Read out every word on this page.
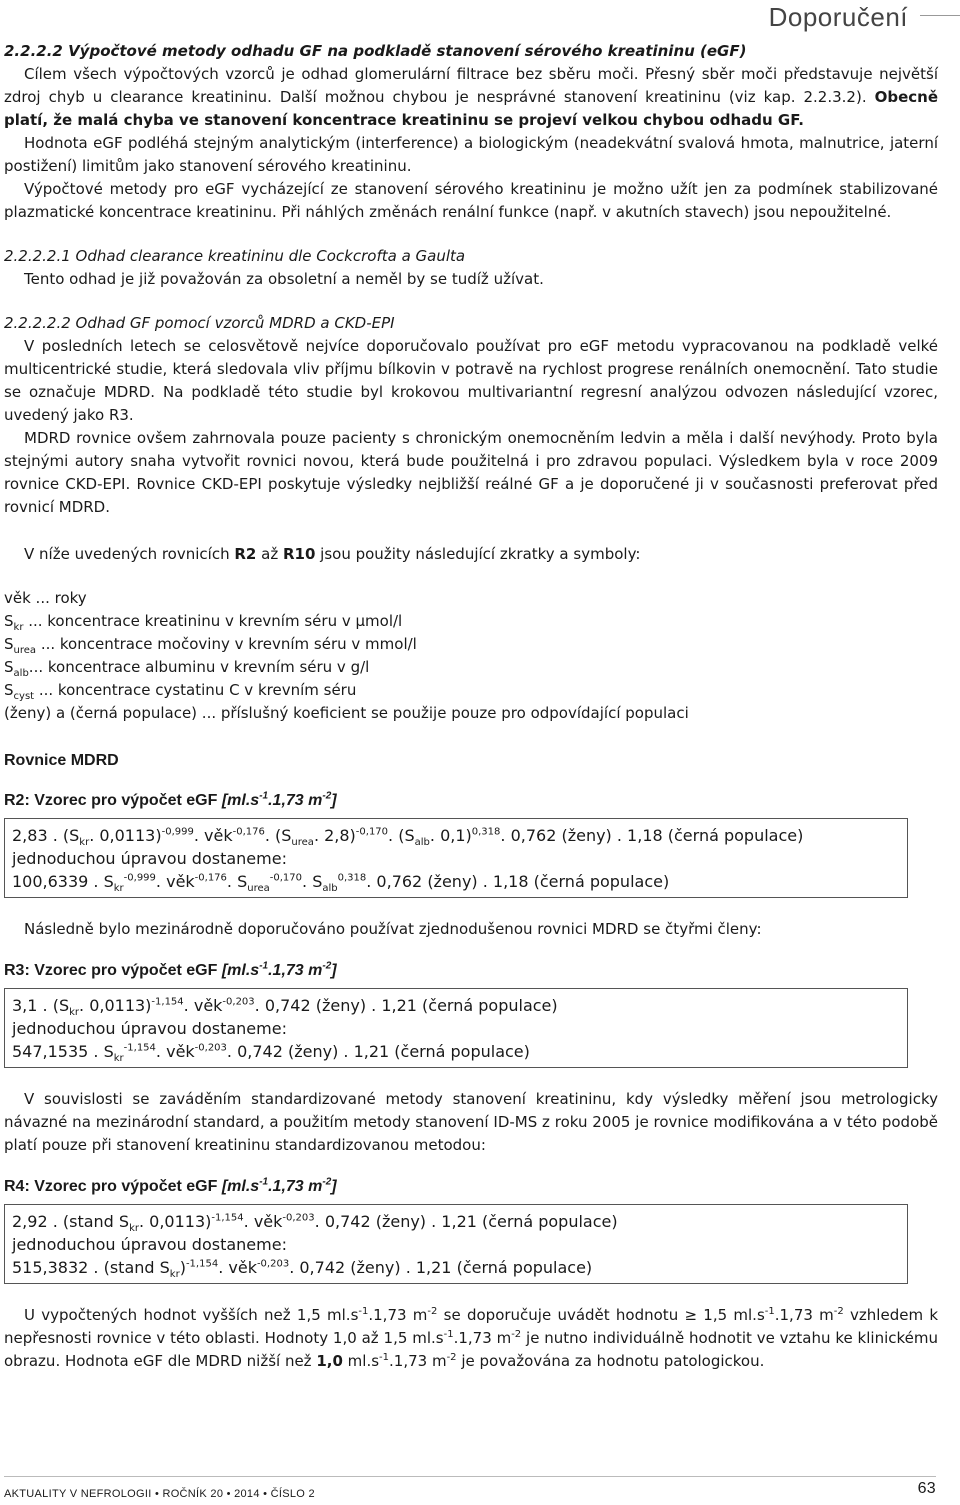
Doporučení

2.2.2.2 Výpočtové metody odhadu GF na podkladě stanovení sérového kreatininu (eGF)

Cílem všech výpočtových vzorců je odhad glomerulární filtrace bez sběru moči. Přesný sběr moči představuje největší zdroj chyb u clearance kreatininu. Další možnou chybou je nesprávné stanovení kreatininu (viz kap. 2.2.3.2). Obecně platí, že malá chyba ve stanovení koncentrace kreatininu se projeví velkou chybou odhadu GF.

Hodnota eGF podléhá stejným analytickým (interference) a biologickým (neadekvátní svalová hmota, malnutrice, jaterní postižení) limitům jako stanovení sérového kreatininu.

Výpočtové metody pro eGF vycházející ze stanovení sérového kreatininu je možno užít jen za podmínek stabilizované plazmatické koncentrace kreatininu. Při náhlých změnách renální funkce (např. v akutních stavech) jsou nepoužitelné.

2.2.2.2.1 Odhad clearance kreatininu dle Cockcrofta a Gaulta

Tento odhad je již považován za obsoletní a neměl by se tudíž užívat.

2.2.2.2.2 Odhad GF pomocí vzorců MDRD a CKD-EPI

V posledních letech se celosvětově nejvíce doporučovalo používat pro eGF metodu vypracovanou na podkladě velké multicentrické studie, která sledovala vliv příjmu bílkovin v potravě na rychlost progrese renálních onemocnění. Tato studie se označuje MDRD. Na podkladě této studie byl krokovou multivariantní regresní analýzou odvozen následující vzorec, uvedený jako R3.

MDRD rovnice ovšem zahrnovala pouze pacienty s chronickým onemocněním ledvin a měla i další nevýhody. Proto byla stejnými autory snaha vytvořit rovnici novou, která bude použitelná i pro zdravou populaci. Výsledkem byla v roce 2009 rovnice CKD-EPI. Rovnice CKD-EPI poskytuje výsledky nejbližší reálné GF a je doporučené ji v současnosti preferovat před rovnicí MDRD.

V níže uvedených rovnicích R2 až R10 jsou použity následující zkratky a symboly:

věk ... roky

$S_{kr}$ ... koncentrace kreatininu v krevním séru v µmol/l

$S_{urea}$ ... koncentrace močoviny v krevním séru v mmol/l

$S_{alb}$... koncentrace albuminu v krevním séru v g/l

$S_{cyst}$ ... koncentrace cystatinu C v krevním séru

(ženy) a (černá populace) ... příslušný koeficient se použije pouze pro odpovídající populaci

Rovnice MDRD

R2: Vzorec pro výpočet eGF [$ml.s^{-1}.1,73$ $m^{-2}$]

2,83 . ($S_{kr}$. 0,0113)$^{-0,999}$. věk$^{-0,176}$. ($S_{urea}$. 2,8)$^{-0,170}$. ($S_{alb}$. 0,1)$^{0,318}$. 0,762 (ženy) . 1,18 (černá populace)

jednoduchou úpravou dostaneme:

100,6339 . $S_{kr}^{-0,999}$. věk$^{-0,176}$. $S_{urea}^{-0,170}$. $S_{alb}^{0,318}$. 0,762 (ženy) . 1,18 (černá populace)

Následně bylo mezinárodně doporučováno používat zjednodušenou rovnici MDRD se čtyřmi členy:

R3: Vzorec pro výpočet eGF [$ml.s^{-1}.1,73$ $m^{-2}$]

3,1 . ($S_{kr}$. 0,0113)$^{-1,154}$. věk$^{-0,203}$. 0,742 (ženy) . 1,21 (černá populace)

jednoduchou úpravou dostaneme:

547,1535 . $S_{kr}^{-1,154}$. věk$^{-0,203}$. 0,742 (ženy) . 1,21 (černá populace)

V souvislosti se zaváděním standardizované metody stanovení kreatininu, kdy výsledky měření jsou metrologicky návazné na mezinárodní standard, a použitím metody stanovení ID-MS z roku 2005 je rovnice modifikována a v této podobě platí pouze při stanovení kreatininu standardizovanou metodou:

R4: Vzorec pro výpočet eGF [$ml.s^{-1}.1,73$ $m^{-2}$]

2,92 . (stand $S_{kr}$. 0,0113)$^{-1,154}$. věk$^{-0,203}$. 0,742 (ženy) . 1,21 (černá populace)

jednoduchou úpravou dostaneme:

515,3832 . (stand $S_{kr})^{-1,154}$. věk$^{-0,203}$. 0,742 (ženy) . 1,21 (černá populace)

U vypočtených hodnot vyšších než 1,5 $ml.s^{-1}.1,73$ $m^{-2}$ se doporučuje uvádět hodnotu ≥ 1,5 $ml.s^{-1}.1,73$ $m^{-2}$ vzhledem k nepřesnosti rovnice v této oblasti. Hodnoty 1,0 až 1,5 $ml.s^{-1}.1,73$ $m^{-2}$ je nutno individuálně hodnotit ve vztahu ke klinickému obrazu. Hodnota eGF dle MDRD nižší než 1,0 $ml.s^{-1}.1,73$ $m^{-2}$ je považována za hodnotu patologickou.

AKTUALITY V NEFROLOGII • ROČNÍK 20 • 2014 • ČÍSLO 2	63
